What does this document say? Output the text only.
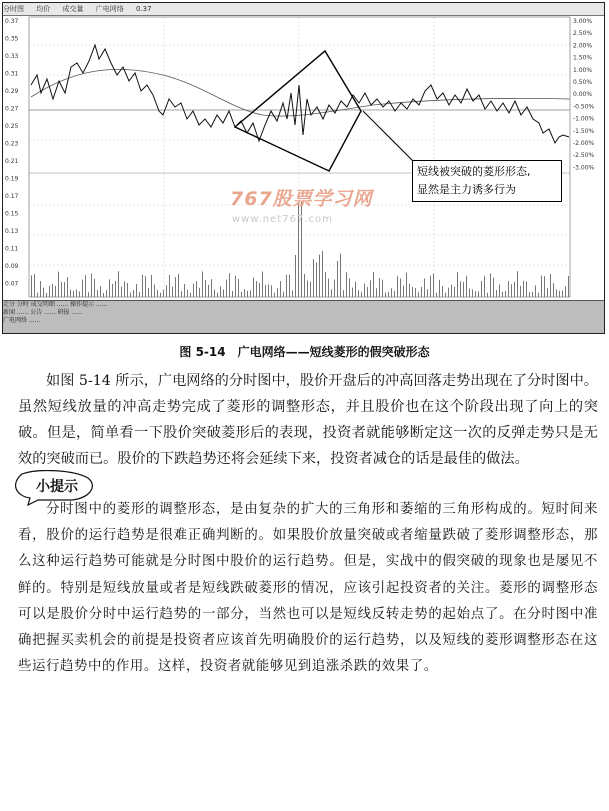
分时图 均价 成交量 广电网络 0.37
0.37
0.35
0.33
0.31
0.29
0.27
0.25
0.23
0.21
0.19
0.17
0.15
0.13
0.11
0.09
0.07
3.00%
2.50%
2.00%
1.50%
1.00%
0.50%
0.00%
-0.50%
-1.00%
-1.50%
-2.00%
-2.50%
-3.00%
走分 分时 成交明细 ...... 操作提示 ......
新闻 ...... 公告 ...... 研报 ......
广电网络 ......
短线被突破的菱形形态,
显然是主力诱多行为
767股票学习网
www.net767.com
图 5-14　广电网络——短线菱形的假突破形态

如图 5-14 所示，广电网络的分时图中，股价开盘后的冲高回落走势出现在了分时图中。虽然短线放量的冲高走势完成了菱形的调整形态，并且股价也在这个阶段出现了向上的突破。但是，简单看一下股价突破菱形后的表现，投资者就能够断定这一次的反弹走势只是无效的突破而已。股价的下跌趋势还将会延续下来，投资者减仓的话是最佳的做法。

小提示

分时图中的菱形的调整形态，是由复杂的扩大的三角形和萎缩的三角形构成的。短时间来看，股价的运行趋势是很难正确判断的。如果股价放量突破或者缩量跌破了菱形调整形态，那么这种运行趋势可能就是分时图中股价的运行趋势。但是，实战中的假突破的现象也是屡见不鲜的。特别是短线放量或者是短线跌破菱形的情况，应该引起投资者的关注。菱形的调整形态可以是股价分时中运行趋势的一部分，当然也可以是短线反转走势的起始点了。在分时图中准确把握买卖机会的前提是投资者应该首先明确股价的运行趋势，以及短线的菱形调整形态在这些运行趋势中的作用。这样，投资者就能够见到追涨杀跌的效果了。
